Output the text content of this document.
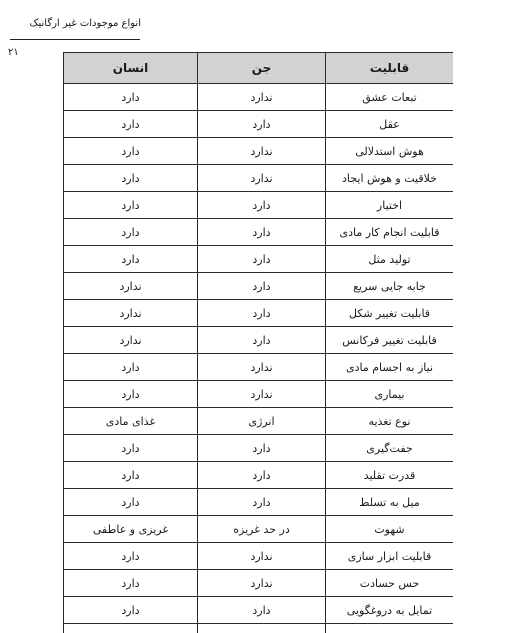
انواع موجودات غیر ارگانیک
۲۱
قابلیت	جن	انسان
تبعات عشق	ندارد	دارد
عقل	دارد	دارد
هوش استدلالی	ندارد	دارد
خلاقیت و هوش ایجاد	ندارد	دارد
اختیار	دارد	دارد
قابلیت انجام کار مادی	دارد	دارد
تولید مثل	دارد	دارد
جابه جایی سریع	دارد	ندارد
قابلیت تغییر شکل	دارد	ندارد
قابلیت تغییر فرکانس	دارد	ندارد
نیاز به اجسام مادی	ندارد	دارد
بیماری	ندارد	دارد
نوع تغذیه	انرژی	غذای مادی
جفت‌گیری	دارد	دارد
قدرت تقلید	دارد	دارد
میل به تسلط	دارد	دارد
شهوت	در حد غریزه	غریزی و عاطفی
قابلیت ابزار سازی	ندارد	دارد
حس حسادت	ندارد	دارد
تمایل به دروغگویی	دارد	دارد
